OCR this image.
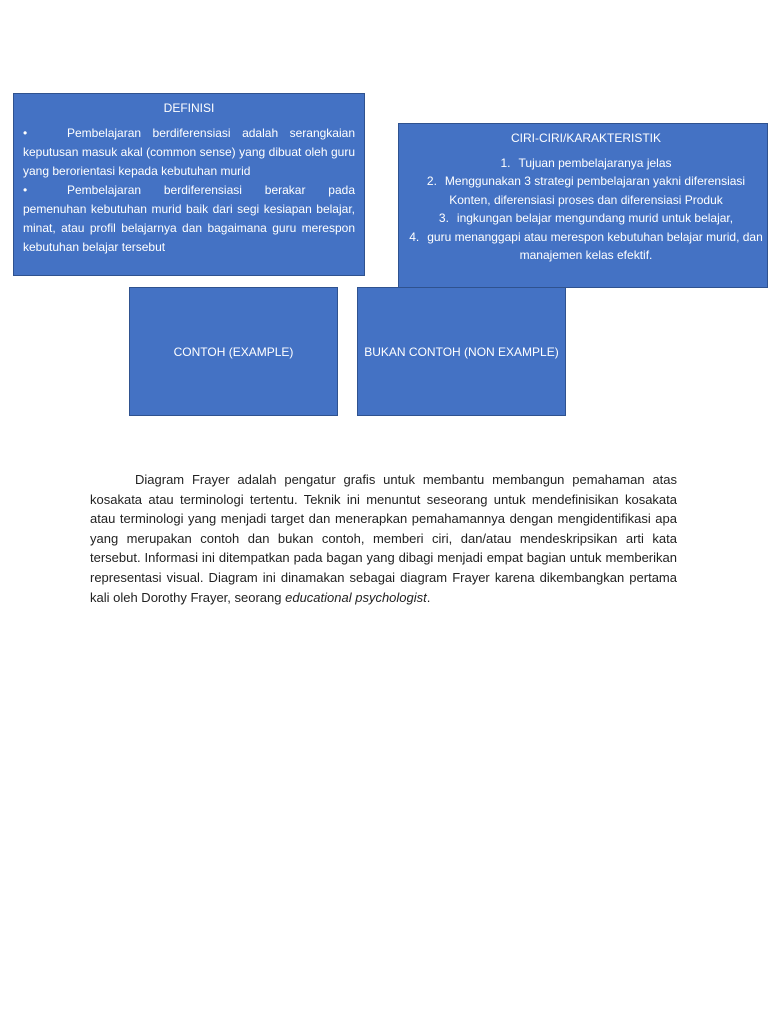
DEFINISI
•	Pembelajaran berdiferensiasi adalah serangkaian keputusan masuk akal (common sense) yang dibuat oleh guru yang berorientasi kepada kebutuhan murid
•	Pembelajaran berdiferensiasi berakar pada pemenuhan kebutuhan murid baik dari segi kesiapan belajar, minat, atau profil belajarnya dan bagaimana guru merespon kebutuhan belajar tersebut
CIRI-CIRI/KARAKTERISTIK
1. Tujuan pembelajaranya jelas
2. Menggunakan 3 strategi pembelajaran yakni diferensiasi Konten, diferensiasi proses dan diferensiasi Produk
3. ingkungan belajar mengundang murid untuk belajar,
4. guru menanggapi atau merespon kebutuhan belajar murid, dan manajemen kelas efektif.
CONTOH (EXAMPLE)	BUKAN CONTOH (NON EXAMPLE)

Diagram Frayer adalah pengatur grafis untuk membantu membangun pemahaman atas kosakata atau terminologi tertentu. Teknik ini menuntut seseorang untuk mendefinisikan kosakata atau terminologi yang menjadi target dan menerapkan pemahamannya dengan mengidentifikasi apa yang merupakan contoh dan bukan contoh, memberi ciri, dan/atau mendeskripsikan arti kata tersebut. Informasi ini ditempatkan pada bagan yang dibagi menjadi empat bagian untuk memberikan representasi visual. Diagram ini dinamakan sebagai diagram Frayer karena dikembangkan pertama kali oleh Dorothy Frayer, seorang educational psychologist.
